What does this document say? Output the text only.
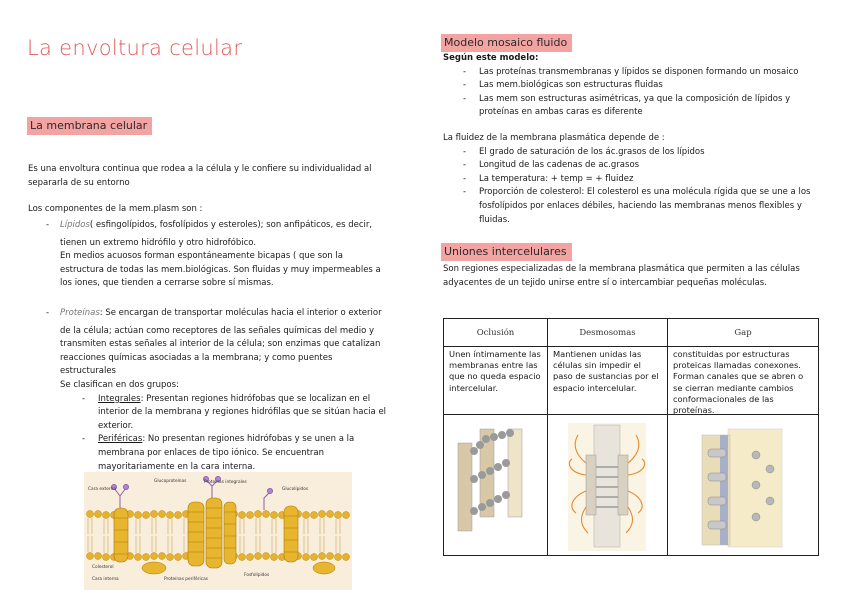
La envoltura celular
La membrana celular
Es una envoltura continua que rodea a la célula y le confiere su individualidad al
separarla de su entorno
Los componentes de la mem.plasm son :
- Lípidos( esfingolípidos, fosfolípidos y esteroles); son anfipáticos, es decir,
tienen un extremo hidrófilo y otro hidrofóbico.
En medios acuosos forman espontáneamente bicapas ( que son la
estructura de todas las mem.biológicas. Son fluidas y muy impermeables a
los iones, que tienden a cerrarse sobre sí mismas.
- Proteínas: Se encargan de transportar moléculas hacia el interior o exterior
de la célula; actúan como receptores de las señales químicas del medio y
transmiten estas señales al interior de la célula; son enzimas que catalizan
reacciones químicas asociadas a la membrana; y como puentes
estructurales
Se clasifican en dos grupos:
- Integrales: Presentan regiones hidrófobas que se localizan en el
interior de la membrana y regiones hidrófilas que se sitúan hacia el
exterior.
- Periféricas: No presentan regiones hidrófobas y se unen a la
membrana por enlaces de tipo iónico. Se encuentran
mayoritariamente en la cara interna.
Cara externa
Glucoproteínas	Proteínas integrales
Glucolípidos
Colesterol
Cara interna	Proteínas periféricas
Fosfolípidos
Modelo mosaico fluido
Según este modelo:
- Las proteínas transmembranas y lípidos se disponen formando un mosaico
- Las mem.biológicas son estructuras fluidas
- Las mem son estructuras asimétricas, ya que la composición de lípidos y proteínas en ambas caras es diferente
La fluidez de la membrana plasmática depende de :
- El grado de saturación de los ác.grasos de los lípidos
- Longitud de las cadenas de ac.grasos
- La temperatura: + temp = + fluidez
- Proporción de colesterol: El colesterol es una molécula rígida que se une a los fosfolípidos por enlaces débiles, haciendo las membranas menos flexibles y fluidas.
Uniones intercelulares
Son regiones especializadas de la membrana plasmática que permiten a las células
adyacentes de un tejido unirse entre sí o intercambiar pequeñas moléculas.
Oclusión
Unen íntimamente las membranas entre las que no queda espacio intercelular.
Desmosomas
Mantienen unidas las células sin impedir el paso de sustancias por el espacio intercelular.
Gap
constituidas por estructuras proteicas llamadas conexones. Forman canales que se abren o se cierran mediante cambios conformacionales de las proteínas.
